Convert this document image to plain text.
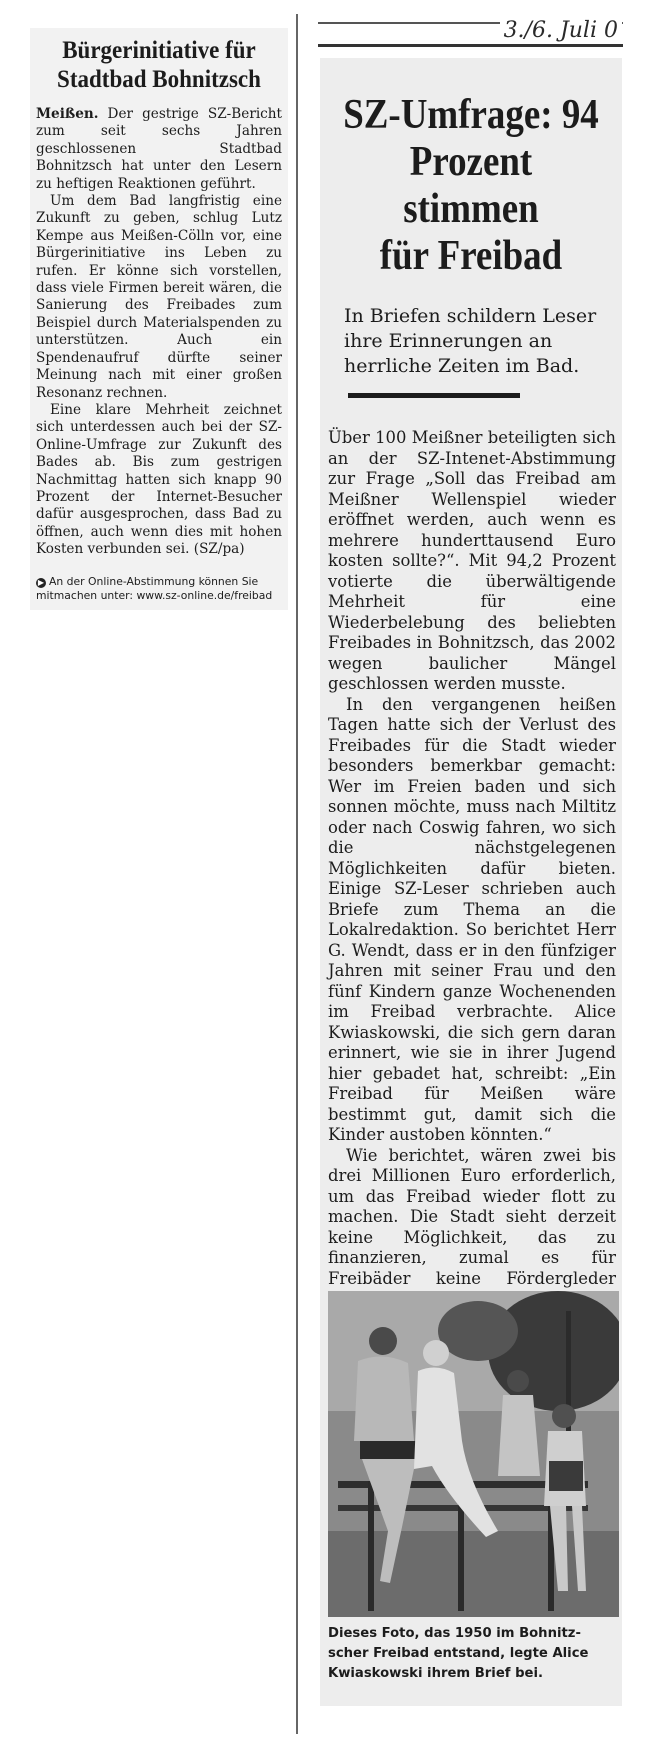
Bürgerinitiative für
Stadtbad Bohnitzsch

Meißen. Der gestrige SZ-Bericht zum seit sechs Jahren geschlossenen Stadtbad Bohnitzsch hat unter den Lesern zu heftigen Reaktionen geführt.

Um dem Bad langfristig eine Zukunft zu geben, schlug Lutz Kempe aus Meißen-Cölln vor, eine Bürgerinitiative ins Leben zu rufen. Er könne sich vorstellen, dass viele Firmen bereit wären, die Sanierung des Freibades zum Beispiel durch Materialspenden zu unterstützen. Auch ein Spendenaufruf dürfte seiner Meinung nach mit einer großen Resonanz rechnen.

Eine klare Mehrheit zeichnet sich unterdessen auch bei der SZ-Online-Umfrage zur Zukunft des Bades ab. Bis zum gestrigen Nachmittag hatten sich knapp 90 Prozent der Internet-Besucher dafür ausgesprochen, dass Bad zu öffnen, auch wenn dies mit hohen Kosten verbunden sei. (SZ/pa)

▶ An der Online-Abstimmung können Sie mitmachen unter: www.sz-online.de/freibad
3./6. Juli 0
SZ-Umfrage: 94
Prozent stimmen
für Freibad
In Briefen schildern Leser
ihre Erinnerungen an
herrliche Zeiten im Bad.

Über 100 Meißner beteiligten sich an der SZ-Intenet-Abstimmung zur Frage „Soll das Freibad am Meißner Wellenspiel wieder eröffnet werden, auch wenn es mehrere hunderttausend Euro kosten sollte?“. Mit 94,2 Prozent votierte die überwältigende Mehrheit für eine Wiederbelebung des beliebten Freibades in Bohnitzsch, das 2002 wegen baulicher Mängel geschlossen werden musste.

In den vergangenen heißen Tagen hatte sich der Verlust des Freibades für die Stadt wieder besonders bemerkbar gemacht: Wer im Freien baden und sich sonnen möchte, muss nach Miltitz oder nach Coswig fahren, wo sich die nächstgelegenen Möglichkeiten dafür bieten. Einige SZ-Leser schrieben auch Briefe zum Thema an die Lokalredaktion. So berichtet Herr G. Wendt, dass er in den fünfziger Jahren mit seiner Frau und den fünf Kindern ganze Wochenenden im Freibad verbrachte. Alice Kwiaskowski, die sich gern daran erinnert, wie sie in ihrer Jugend hier gebadet hat, schreibt: „Ein Freibad für Meißen wäre bestimmt gut, damit sich die Kinder austoben könnten.“

Wie berichtet, wären zwei bis drei Millionen Euro erforderlich, um das Freibad wieder flott zu machen. Die Stadt sieht derzeit keine Möglichkeit, das zu finanzieren, zumal es für Freibäder keine Fördergleder

Dieses Foto, das 1950 im Bohnitz-
scher Freibad entstand, legte Alice
Kwiaskowski ihrem Brief bei.
